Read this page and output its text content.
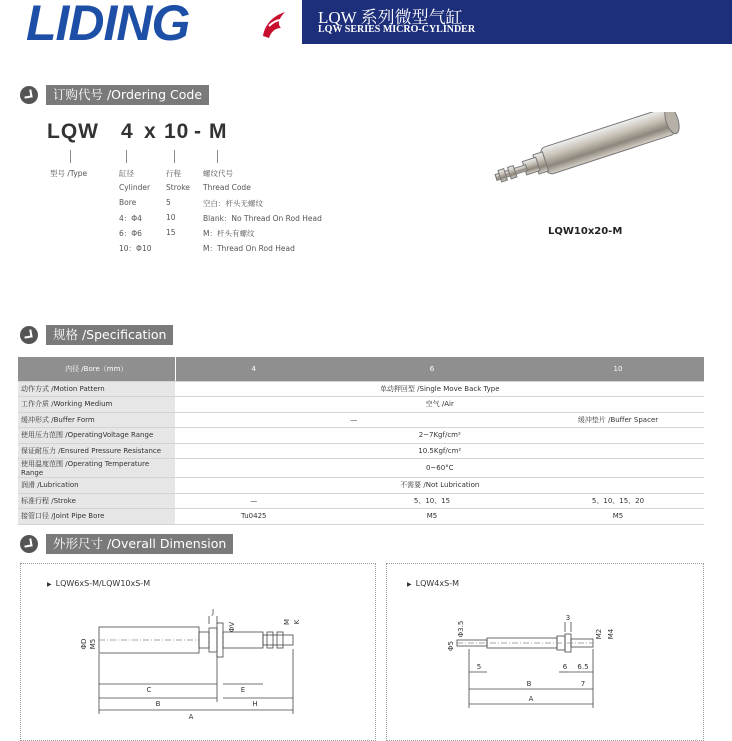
LIDING	LQW 系列微型气缸
LQW SERIES MICRO-CYLINDER
订购代号 /Ordering Code
LQW 4 x 10 - M
型号 /Type	缸径
Cylinder
Bore
4：Φ4
6：Φ6
10：Φ10
行程
Stroke
5
10
15
螺纹代号
Thread Code
空白：杆头无螺纹
Blank：No Thread On Rod Head
M：杆头有螺纹
M：Thread On Rod Head
LQW10x20-M
规格 /Specification
内径 /Bore（mm）	4	6	10
动作方式 /Motion Pattern	单动押回型 /Single Move Back Type		
工作介质 /Working Medium	空气 /Air		
缓冲形式 /Buffer Form	—		缓冲垫片 /Buffer Spacer
使用压力范围 /OperatingVoltage Range	2~7Kgf/cm²		
保证耐压力 /Ensured Pressure Resistance	10.5Kgf/cm²		
使用温度范围 /Operating Temperature Range	0~60°C		
润滑 /Lubrication	不需要 /Not Lubrication		
标准行程 /Stroke	—	5、10、15	5、10、15、20
接管口径 /Joint Pipe Bore	Tu0425	M5	M5
外形尺寸 /Overall Dimension
▶ LQW6xS-M/LQW10xS-M
ΦD M5
C
B
A
J
ΦV	M K
E
H
▶ LQW4xS-M
Φ3.5
Φ5
5
3
M2 M4
6 6.5
B	7
A
